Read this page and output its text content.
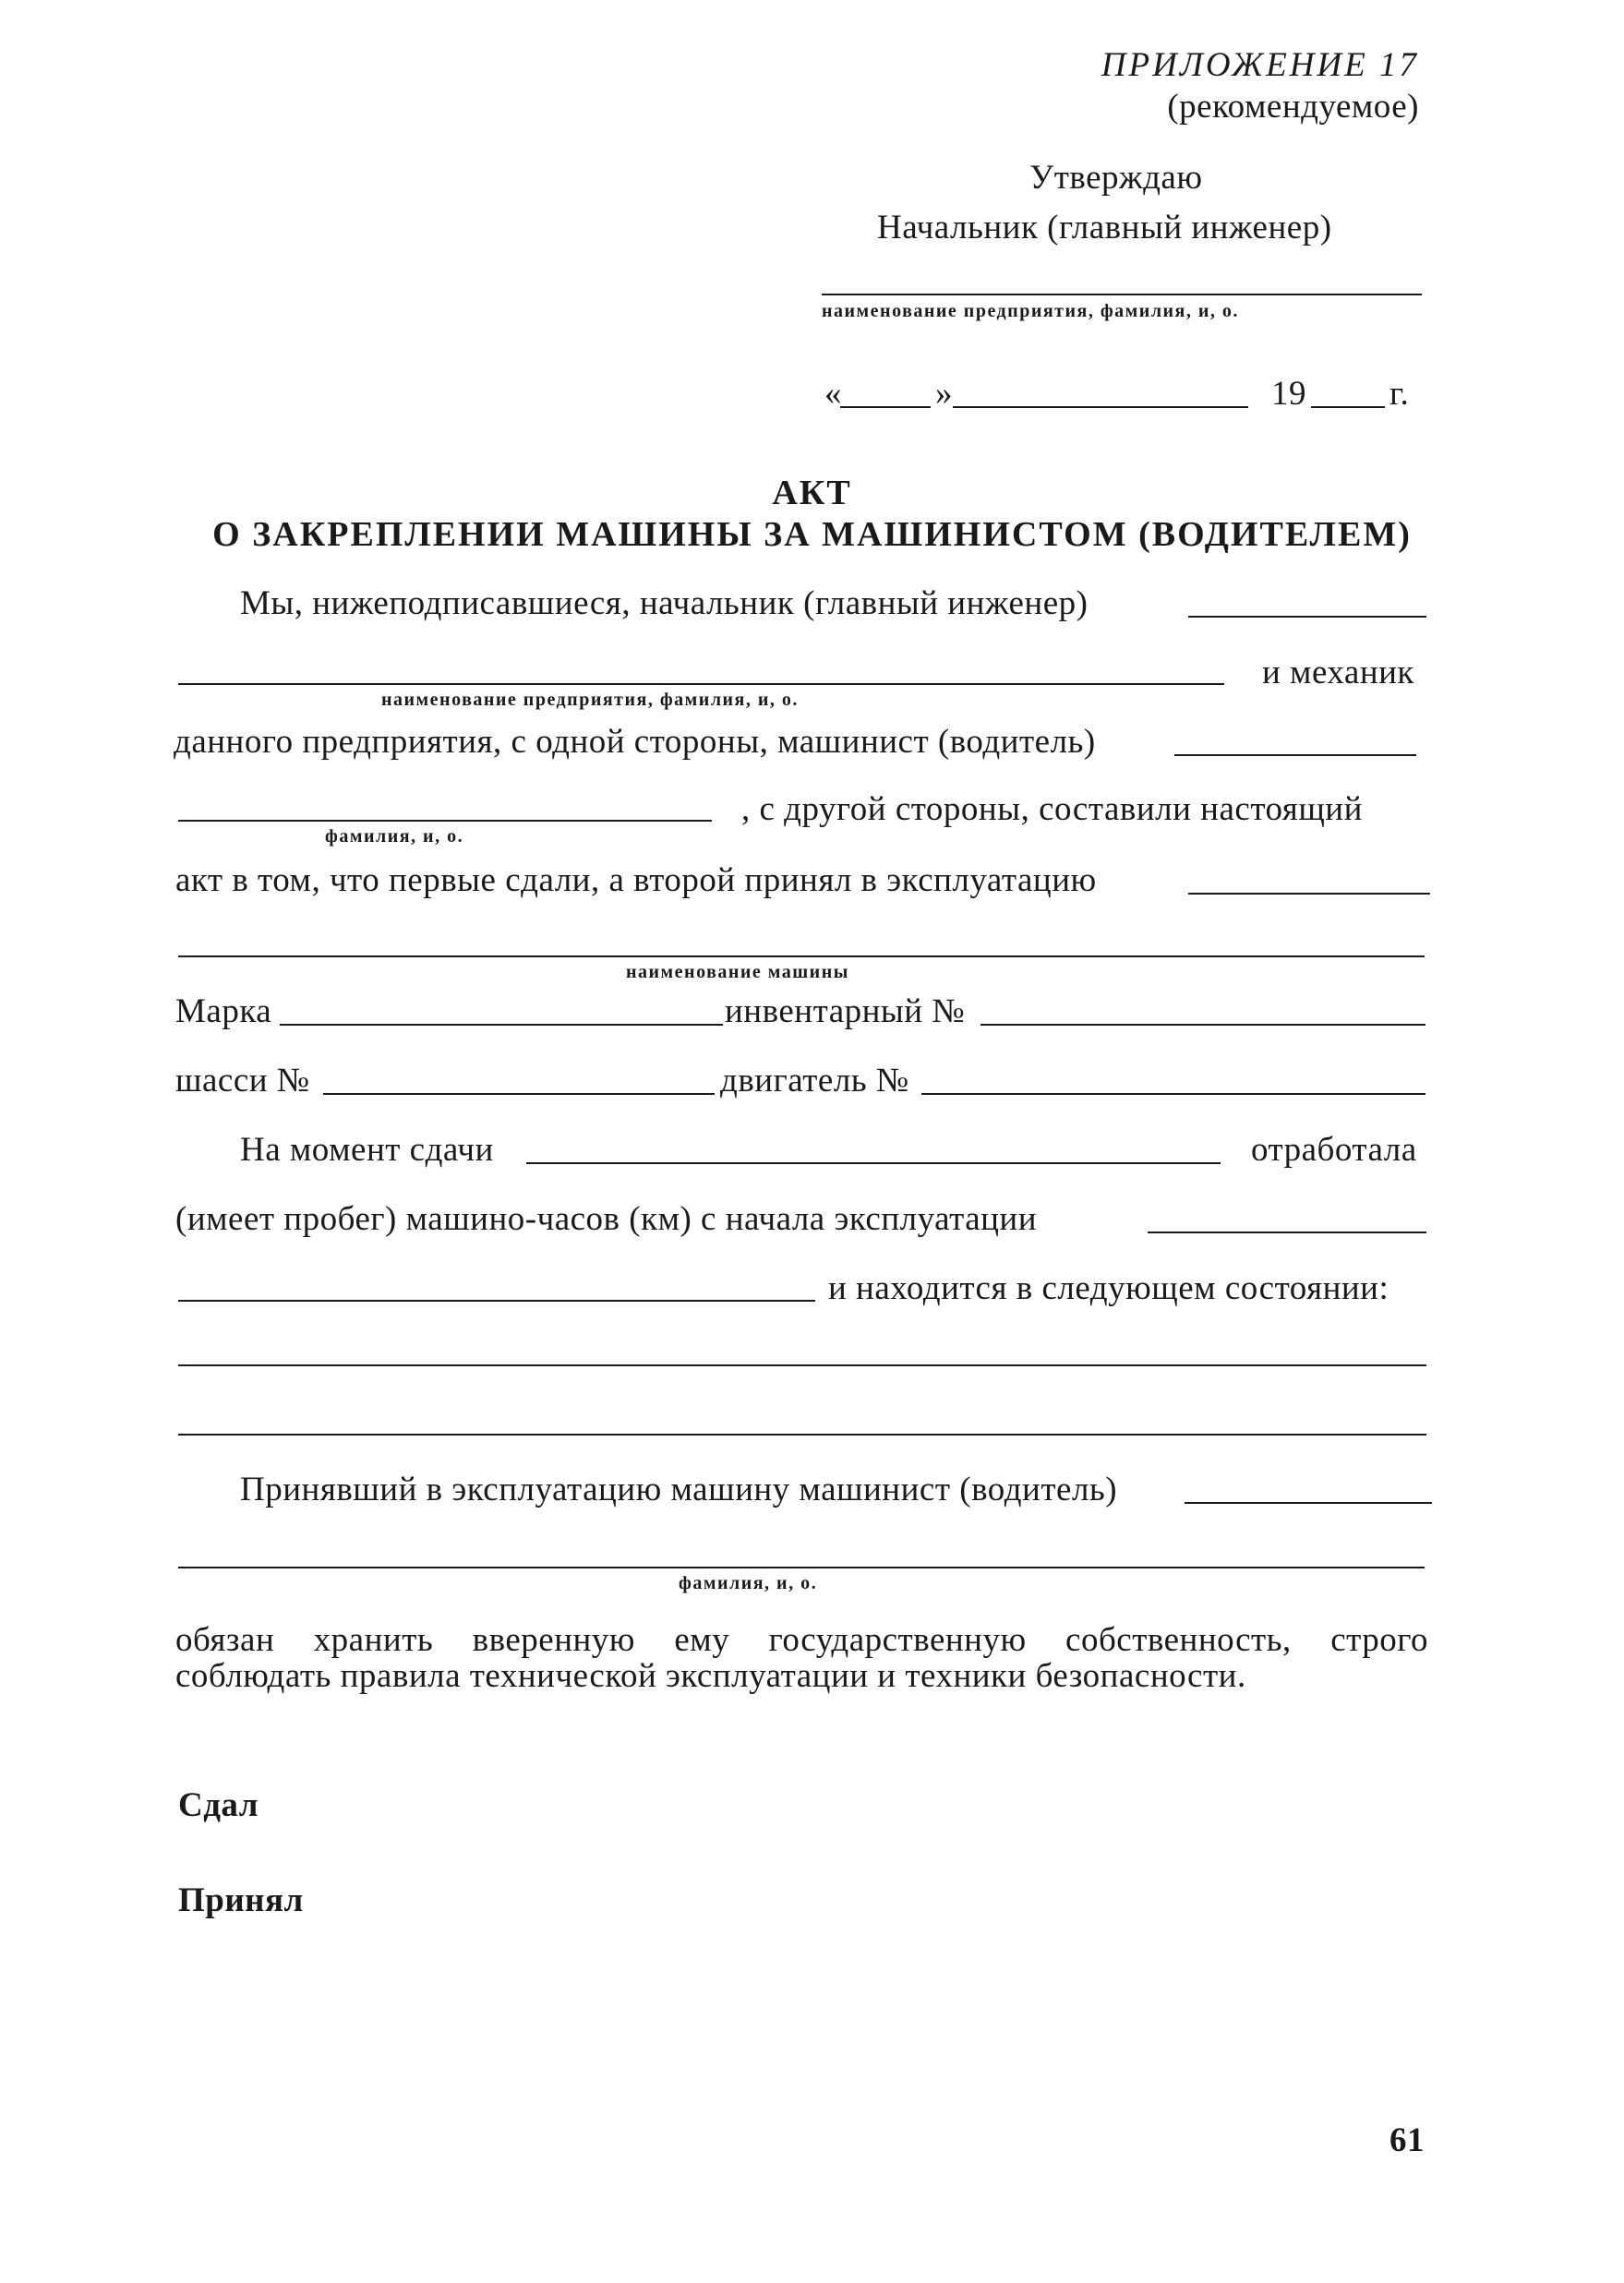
ПРИЛОЖЕНИЕ 17
(рекомендуемое)
Утверждаю
Начальник (главный инженер)
наименование предприятия, фамилия, и, о.
«	»	19 г.
АКТ
О ЗАКРЕПЛЕНИИ МАШИНЫ ЗА МАШИНИСТОМ (ВОДИТЕЛЕМ)
Мы, нижеподписавшиеся, начальник (главный инженер)
и механик
наименование предприятия, фамилия, и, о.
данного предприятия, с одной стороны, машинист (водитель)
, с другой стороны, составили настоящий
фамилия, и, о.
акт в том, что первые сдали, а второй принял в эксплуатацию
наименование машины
Марка	инвентарный №
шасси №	двигатель №
На момент сдачи	отработала
(имеет пробег) машино-часов (км) с начала эксплуатации
и находится в следующем состоянии:
Принявший в эксплуатацию машину машинист (водитель)
фамилия, и, о.
обязан хранить вверенную ему государственную собственность, строго
соблюдать правила технической эксплуатации и техники безопасности.
Сдал
Принял
61
